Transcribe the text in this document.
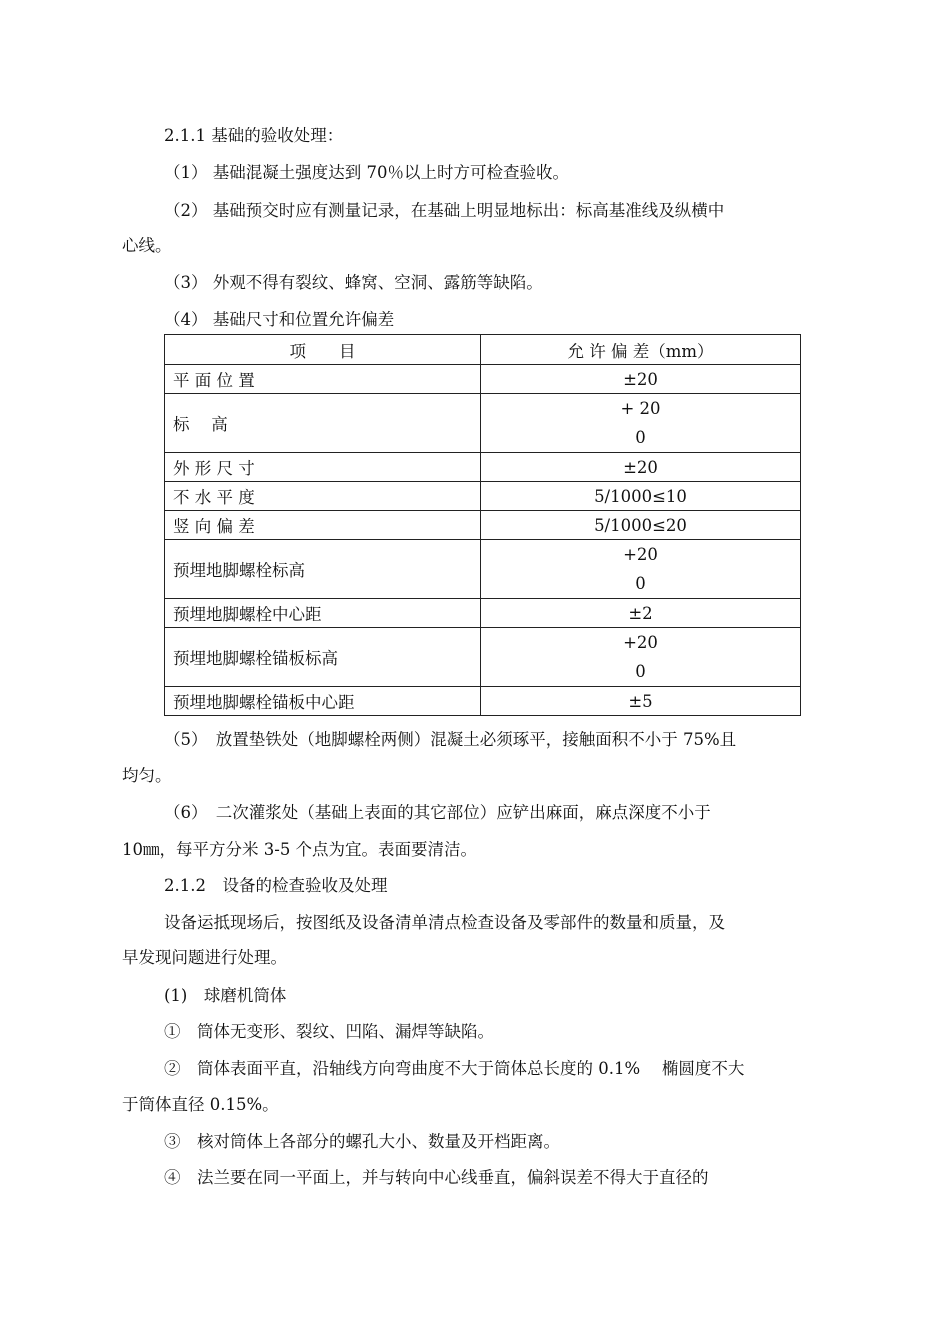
2.1.1 基础的验收处理：
（1） 基础混凝土强度达到 70％以上时方可检查验收。
（2） 基础预交时应有测量记录，在基础上明显地标出：标高基准线及纵横中
心线。
（3） 外观不得有裂纹、蜂窝、空洞、露筋等缺陷。
（4） 基础尺寸和位置允许偏差
项　　目	允 许 偏 差（mm）
平 面 位 置	±20
标　 高	+ 20
0

外 形 尺 寸	±20
不 水 平 度	5/1000≤10
竖 向 偏 差	5/1000≤20
预埋地脚螺栓标高	+20
0

预埋地脚螺栓中心距	±2
预埋地脚螺栓锚板标高	+20
0

预埋地脚螺栓锚板中心距	±5
（5）　放置垫铁处（地脚螺栓两侧）混凝土必须琢平，接触面积不小于 75%且
均匀。
（6）　二次灌浆处（基础上表面的其它部位）应铲出麻面，麻点深度不小于
10㎜，每平方分米 3-5 个点为宜。表面要清洁。
2.1.2　设备的检查验收及处理
设备运抵现场后，按图纸及设备清单清点检查设备及零部件的数量和质量，及
早发现问题进行处理。
(1)　球磨机筒体
①　筒体无变形、裂纹、凹陷、漏焊等缺陷。
②　筒体表面平直，沿轴线方向弯曲度不大于筒体总长度的 0.1%　 椭圆度不大
于筒体直径 0.15%。
③　核对筒体上各部分的螺孔大小、数量及开档距离。
④　法兰要在同一平面上，并与转向中心线垂直，偏斜误差不得大于直径的
